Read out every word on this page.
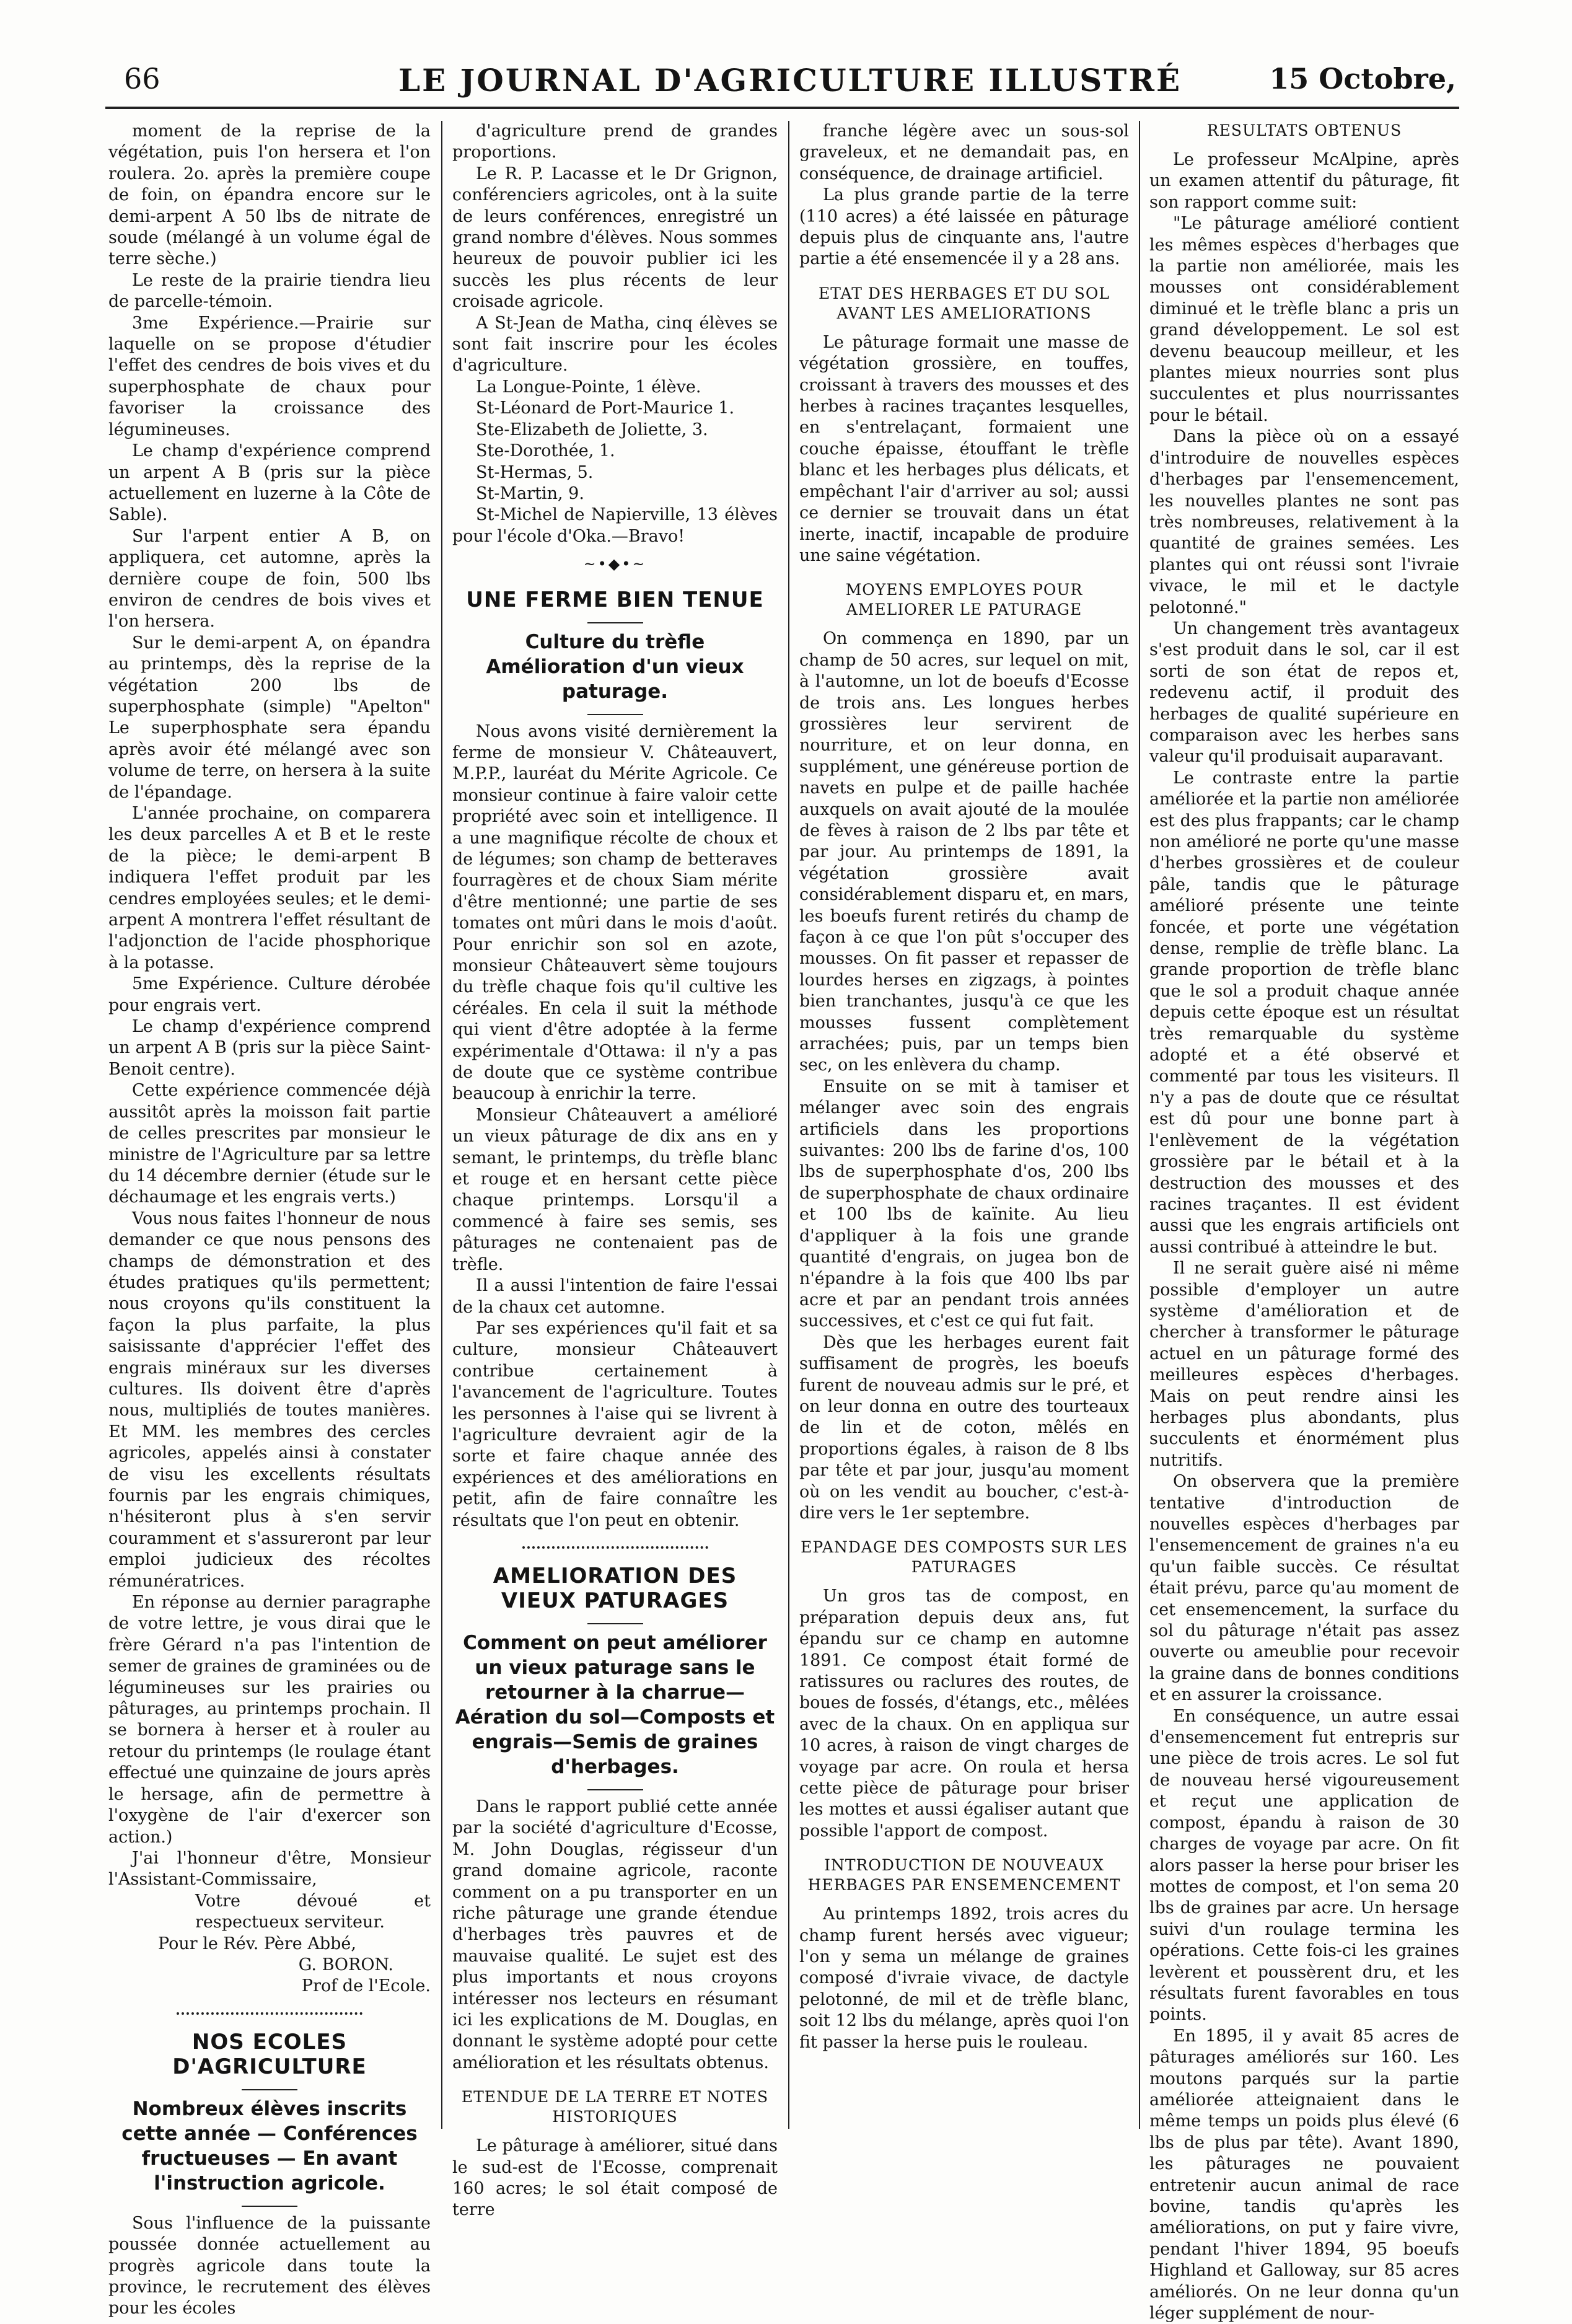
66	LE JOURNAL D'AGRICULTURE ILLUSTRÉ	15 Octobre,

moment de la reprise de la végétation, puis l'on hersera et l'on roulera. 2o. après la première coupe de foin, on épandra encore sur le demi-arpent A 50 lbs de nitrate de soude (mélangé à un volume égal de terre sèche.)

Le reste de la prairie tiendra lieu de parcelle-témoin.

3me Expérience.—Prairie sur laquelle on se propose d'étudier l'effet des cendres de bois vives et du superphosphate de chaux pour favoriser la croissance des légumineuses.

Le champ d'expérience comprend un arpent A B (pris sur la pièce actuellement en luzerne à la Côte de Sable).

Sur l'arpent entier A B, on appliquera, cet automne, après la dernière coupe de foin, 500 lbs environ de cendres de bois vives et l'on hersera.

Sur le demi-arpent A, on épandra au printemps, dès la reprise de la végétation 200 lbs de superphosphate (simple) "Apelton" Le superphosphate sera épandu après avoir été mélangé avec son volume de terre, on hersera à la suite de l'épandage.

L'année prochaine, on comparera les deux parcelles A et B et le reste de la pièce; le demi-arpent B indiquera l'effet produit par les cendres employées seules; et le demi-arpent A montrera l'effet résultant de l'adjonction de l'acide phosphorique à la potasse.

5me Expérience. Culture dérobée pour engrais vert.

Le champ d'expérience comprend un arpent A B (pris sur la pièce Saint-Benoit centre).

Cette expérience commencée déjà aussitôt après la moisson fait partie de celles prescrites par monsieur le ministre de l'Agriculture par sa lettre du 14 décembre dernier (étude sur le déchaumage et les engrais verts.)

Vous nous faites l'honneur de nous demander ce que nous pensons des champs de démonstration et des études pratiques qu'ils permettent; nous croyons qu'ils constituent la façon la plus parfaite, la plus saisissante d'apprécier l'effet des engrais minéraux sur les diverses cultures. Ils doivent être d'après nous, multipliés de toutes manières. Et MM. les membres des cercles agricoles, appelés ainsi à constater de visu les excellents résultats fournis par les engrais chimiques, n'hésiteront plus à s'en servir couramment et s'assureront par leur emploi judicieux des récoltes rémunératrices.

En réponse au dernier paragraphe de votre lettre, je vous dirai que le frère Gérard n'a pas l'intention de semer de graines de graminées ou de légumineuses sur les prairies ou pâturages, au printemps prochain. Il se bornera à herser et à rouler au retour du printemps (le roulage étant effectué une quinzaine de jours après le hersage, afin de permettre à l'oxygène de l'air d'exercer son action.)

J'ai l'honneur d'être, Monsieur l'Assistant-Commissaire,

Votre dévoué et respectueux serviteur.

Pour le Rév. Père Abbé,

G. BORON.

Prof de l'Ecole.

NOS ECOLES D'AGRICULTURE
Nombreux élèves inscrits cette année — Conférences fructueuses — En avant l'instruction agricole.

Sous l'influence de la puissante poussée donnée actuellement au progrès agricole dans toute la province, le recrutement des élèves pour les écoles

d'agriculture prend de grandes proportions.

Le R. P. Lacasse et le Dr Grignon, conférenciers agricoles, ont à la suite de leurs conférences, enregistré un grand nombre d'élèves. Nous sommes heureux de pouvoir publier ici les succès les plus récents de leur croisade agricole.

A St-Jean de Matha, cinq élèves se sont fait inscrire pour les écoles d'agriculture.

La Longue-Pointe, 1 élève.

St-Léonard de Port-Maurice 1.

Ste-Elizabeth de Joliette, 3.

Ste-Dorothée, 1.

St-Hermas, 5.

St-Martin, 9.

St-Michel de Napierville, 13 élèves pour l'école d'Oka.—Bravo!

~•◆•~
UNE FERME BIEN TENUE
Culture du trèfle Amélioration d'un vieux paturage.

Nous avons visité dernièrement la ferme de monsieur V. Châteauvert, M.P.P., lauréat du Mérite Agricole. Ce monsieur continue à faire valoir cette propriété avec soin et intelligence. Il a une magnifique récolte de choux et de légumes; son champ de betteraves fourragères et de choux Siam mérite d'être mentionné; une partie de ses tomates ont mûri dans le mois d'août. Pour enrichir son sol en azote, monsieur Châteauvert sème toujours du trèfle chaque fois qu'il cultive les céréales. En cela il suit la méthode qui vient d'être adoptée à la ferme expérimentale d'Ottawa: il n'y a pas de doute que ce système contribue beaucoup à enrichir la terre.

Monsieur Châteauvert a amélioré un vieux pâturage de dix ans en y semant, le printemps, du trèfle blanc et rouge et en hersant cette pièce chaque printemps. Lorsqu'il a commencé à faire ses semis, ses pâturages ne contenaient pas de trèfle.

Il a aussi l'intention de faire l'essai de la chaux cet automne.

Par ses expériences qu'il fait et sa culture, monsieur Châteauvert contribue certainement à l'avancement de l'agriculture. Toutes les personnes à l'aise qui se livrent à l'agriculture devraient agir de la sorte et faire chaque année des expériences et des améliorations en petit, afin de faire connaître les résultats que l'on peut en obtenir.

AMELIORATION DES VIEUX PATURAGES
Comment on peut améliorer un vieux paturage sans le retourner à la charrue—Aération du sol—Composts et engrais—Semis de graines d'herbages.

Dans le rapport publié cette année par la société d'agriculture d'Ecosse, M. John Douglas, régisseur d'un grand domaine agricole, raconte comment on a pu transporter en un riche pâturage une grande étendue d'herbages très pauvres et de mauvaise qualité. Le sujet est des plus importants et nous croyons intéresser nos lecteurs en résumant ici les explications de M. Douglas, en donnant le système adopté pour cette amélioration et les résultats obtenus.

ETENDUE DE LA TERRE ET NOTES HISTORIQUES

Le pâturage à améliorer, situé dans le sud-est de l'Ecosse, comprenait 160 acres; le sol était composé de terre

franche légère avec un sous-sol graveleux, et ne demandait pas, en conséquence, de drainage artificiel.

La plus grande partie de la terre (110 acres) a été laissée en pâturage depuis plus de cinquante ans, l'autre partie a été ensemencée il y a 28 ans.

ETAT DES HERBAGES ET DU SOL AVANT LES AMELIORATIONS

Le pâturage formait une masse de végétation grossière, en touffes, croissant à travers des mousses et des herbes à racines traçantes lesquelles, en s'entrelaçant, formaient une couche épaisse, étouffant le trèfle blanc et les herbages plus délicats, et empêchant l'air d'arriver au sol; aussi ce dernier se trouvait dans un état inerte, inactif, incapable de produire une saine végétation.

MOYENS EMPLOYES POUR AMELIORER LE PATURAGE

On commença en 1890, par un champ de 50 acres, sur lequel on mit, à l'automne, un lot de boeufs d'Ecosse de trois ans. Les longues herbes grossières leur servirent de nourriture, et on leur donna, en supplément, une généreuse portion de navets en pulpe et de paille hachée auxquels on avait ajouté de la moulée de fèves à raison de 2 lbs par tête et par jour. Au printemps de 1891, la végétation grossière avait considérablement disparu et, en mars, les boeufs furent retirés du champ de façon à ce que l'on pût s'occuper des mousses. On fit passer et repasser de lourdes herses en zigzags, à pointes bien tranchantes, jusqu'à ce que les mousses fussent complètement arrachées; puis, par un temps bien sec, on les enlèvera du champ.

Ensuite on se mit à tamiser et mélanger avec soin des engrais artificiels dans les proportions suivantes: 200 lbs de farine d'os, 100 lbs de superphosphate d'os, 200 lbs de superphosphate de chaux ordinaire et 100 lbs de kaïnite. Au lieu d'appliquer à la fois une grande quantité d'engrais, on jugea bon de n'épandre à la fois que 400 lbs par acre et par an pendant trois années successives, et c'est ce qui fut fait.

Dès que les herbages eurent fait suffisament de progrès, les boeufs furent de nouveau admis sur le pré, et on leur donna en outre des tourteaux de lin et de coton, mêlés en proportions égales, à raison de 8 lbs par tête et par jour, jusqu'au moment où on les vendit au boucher, c'est-à-dire vers le 1er septembre.

EPANDAGE DES COMPOSTS SUR LES PATURAGES

Un gros tas de compost, en préparation depuis deux ans, fut épandu sur ce champ en automne 1891. Ce compost était formé de ratissures ou raclures des routes, de boues de fossés, d'étangs, etc., mêlées avec de la chaux. On en appliqua sur 10 acres, à raison de vingt charges de voyage par acre. On roula et hersa cette pièce de pâturage pour briser les mottes et aussi égaliser autant que possible l'apport de compost.

INTRODUCTION DE NOUVEAUX HERBAGES PAR ENSEMENCEMENT

Au printemps 1892, trois acres du champ furent hersés avec vigueur; l'on y sema un mélange de graines composé d'ivraie vivace, de dactyle pelotonné, de mil et de trèfle blanc, soit 12 lbs du mélange, après quoi l'on fit passer la herse puis le rouleau.

RESULTATS OBTENUS

Le professeur McAlpine, après un examen attentif du pâturage, fit son rapport comme suit:

"Le pâturage amélioré contient les mêmes espèces d'herbages que la partie non améliorée, mais les mousses ont considérablement diminué et le trèfle blanc a pris un grand développement. Le sol est devenu beaucoup meilleur, et les plantes mieux nourries sont plus succulentes et plus nourrissantes pour le bétail.

Dans la pièce où on a essayé d'introduire de nouvelles espèces d'herbages par l'ensemencement, les nouvelles plantes ne sont pas très nombreuses, relativement à la quantité de graines semées. Les plantes qui ont réussi sont l'ivraie vivace, le mil et le dactyle pelotonné."

Un changement très avantageux s'est produit dans le sol, car il est sorti de son état de repos et, redevenu actif, il produit des herbages de qualité supérieure en comparaison avec les herbes sans valeur qu'il produisait auparavant.

Le contraste entre la partie améliorée et la partie non améliorée est des plus frappants; car le champ non amélioré ne porte qu'une masse d'herbes grossières et de couleur pâle, tandis que le pâturage amélioré présente une teinte foncée, et porte une végétation dense, remplie de trèfle blanc. La grande proportion de trèfle blanc que le sol a produit chaque année depuis cette époque est un résultat très remarquable du système adopté et a été observé et commenté par tous les visiteurs. Il n'y a pas de doute que ce résultat est dû pour une bonne part à l'enlèvement de la végétation grossière par le bétail et à la destruction des mousses et des racines traçantes. Il est évident aussi que les engrais artificiels ont aussi contribué à atteindre le but.

Il ne serait guère aisé ni même possible d'employer un autre système d'amélioration et de chercher à transformer le pâturage actuel en un pâturage formé des meilleures espèces d'herbages. Mais on peut rendre ainsi les herbages plus abondants, plus succulents et énormément plus nutritifs.

On observera que la première tentative d'introduction de nouvelles espèces d'herbages par l'ensemencement de graines n'a eu qu'un faible succès. Ce résultat était prévu, parce qu'au moment de cet ensemencement, la surface du sol du pâturage n'était pas assez ouverte ou ameublie pour recevoir la graine dans de bonnes conditions et en assurer la croissance.

En conséquence, un autre essai d'ensemencement fut entrepris sur une pièce de trois acres. Le sol fut de nouveau hersé vigoureusement et reçut une application de compost, épandu à raison de 30 charges de voyage par acre. On fit alors passer la herse pour briser les mottes de compost, et l'on sema 20 lbs de graines par acre. Un hersage suivi d'un roulage termina les opérations. Cette fois-ci les graines levèrent et poussèrent dru, et les résultats furent favorables en tous points.

En 1895, il y avait 85 acres de pâturages améliorés sur 160. Les moutons parqués sur la partie améliorée atteignaient dans le même temps un poids plus élevé (6 lbs de plus par tête). Avant 1890, les pâturages ne pouvaient entretenir aucun animal de race bovine, tandis qu'après les améliorations, on put y faire vivre, pendant l'hiver 1894, 95 boeufs Highland et Galloway, sur 85 acres améliorés. On ne leur donna qu'un léger supplément de nour-
